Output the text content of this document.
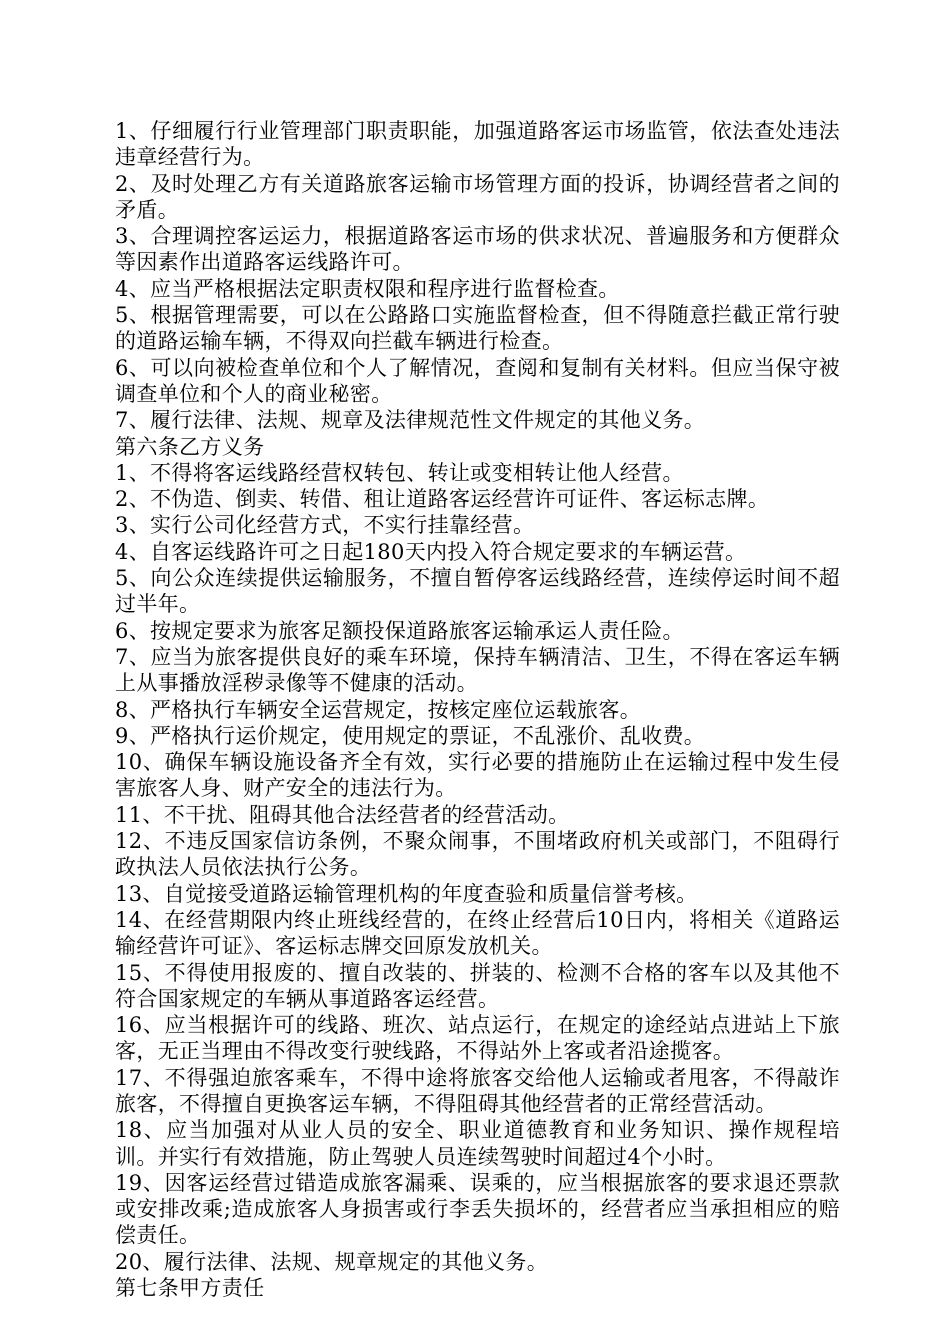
1、仔细履行行业管理部门职责职能，加强道路客运市场监管，依法查处违法违章经营行为。

2、及时处理乙方有关道路旅客运输市场管理方面的投诉，协调经营者之间的矛盾。

3、合理调控客运运力，根据道路客运市场的供求状况、普遍服务和方便群众等因素作出道路客运线路许可。

4、应当严格根据法定职责权限和程序进行监督检查。

5、根据管理需要，可以在公路路口实施监督检查，但不得随意拦截正常行驶的道路运输车辆，不得双向拦截车辆进行检查。

6、可以向被检查单位和个人了解情况，查阅和复制有关材料。但应当保守被调查单位和个人的商业秘密。

7、履行法律、法规、规章及法律规范性文件规定的其他义务。

第六条乙方义务

1、不得将客运线路经营权转包、转让或变相转让他人经营。

2、不伪造、倒卖、转借、租让道路客运经营许可证件、客运标志牌。

3、实行公司化经营方式，不实行挂靠经营。

4、自客运线路许可之日起180天内投入符合规定要求的车辆运营。

5、向公众连续提供运输服务，不擅自暂停客运线路经营，连续停运时间不超过半年。

6、按规定要求为旅客足额投保道路旅客运输承运人责任险。

7、应当为旅客提供良好的乘车环境，保持车辆清洁、卫生，不得在客运车辆上从事播放淫秽录像等不健康的活动。

8、严格执行车辆安全运营规定，按核定座位运载旅客。

9、严格执行运价规定，使用规定的票证，不乱涨价、乱收费。

10、确保车辆设施设备齐全有效，实行必要的措施防止在运输过程中发生侵害旅客人身、财产安全的违法行为。

11、不干扰、阻碍其他合法经营者的经营活动。

12、不违反国家信访条例，不聚众闹事，不围堵政府机关或部门，不阻碍行政执法人员依法执行公务。

13、自觉接受道路运输管理机构的年度查验和质量信誉考核。

14、在经营期限内终止班线经营的，在终止经营后10日内，将相关《道路运输经营许可证》、客运标志牌交回原发放机关。

15、不得使用报废的、擅自改装的、拼装的、检测不合格的客车以及其他不符合国家规定的车辆从事道路客运经营。

16、应当根据许可的线路、班次、站点运行，在规定的途经站点进站上下旅客，无正当理由不得改变行驶线路，不得站外上客或者沿途揽客。

17、不得强迫旅客乘车，不得中途将旅客交给他人运输或者甩客，不得敲诈旅客，不得擅自更换客运车辆，不得阻碍其他经营者的正常经营活动。

18、应当加强对从业人员的安全、职业道德教育和业务知识、操作规程培训。并实行有效措施，防止驾驶人员连续驾驶时间超过4个小时。

19、因客运经营过错造成旅客漏乘、误乘的，应当根据旅客的要求退还票款或安排改乘;造成旅客人身损害或行李丢失损坏的，经营者应当承担相应的赔偿责任。

20、履行法律、法规、规章规定的其他义务。

第七条甲方责任
